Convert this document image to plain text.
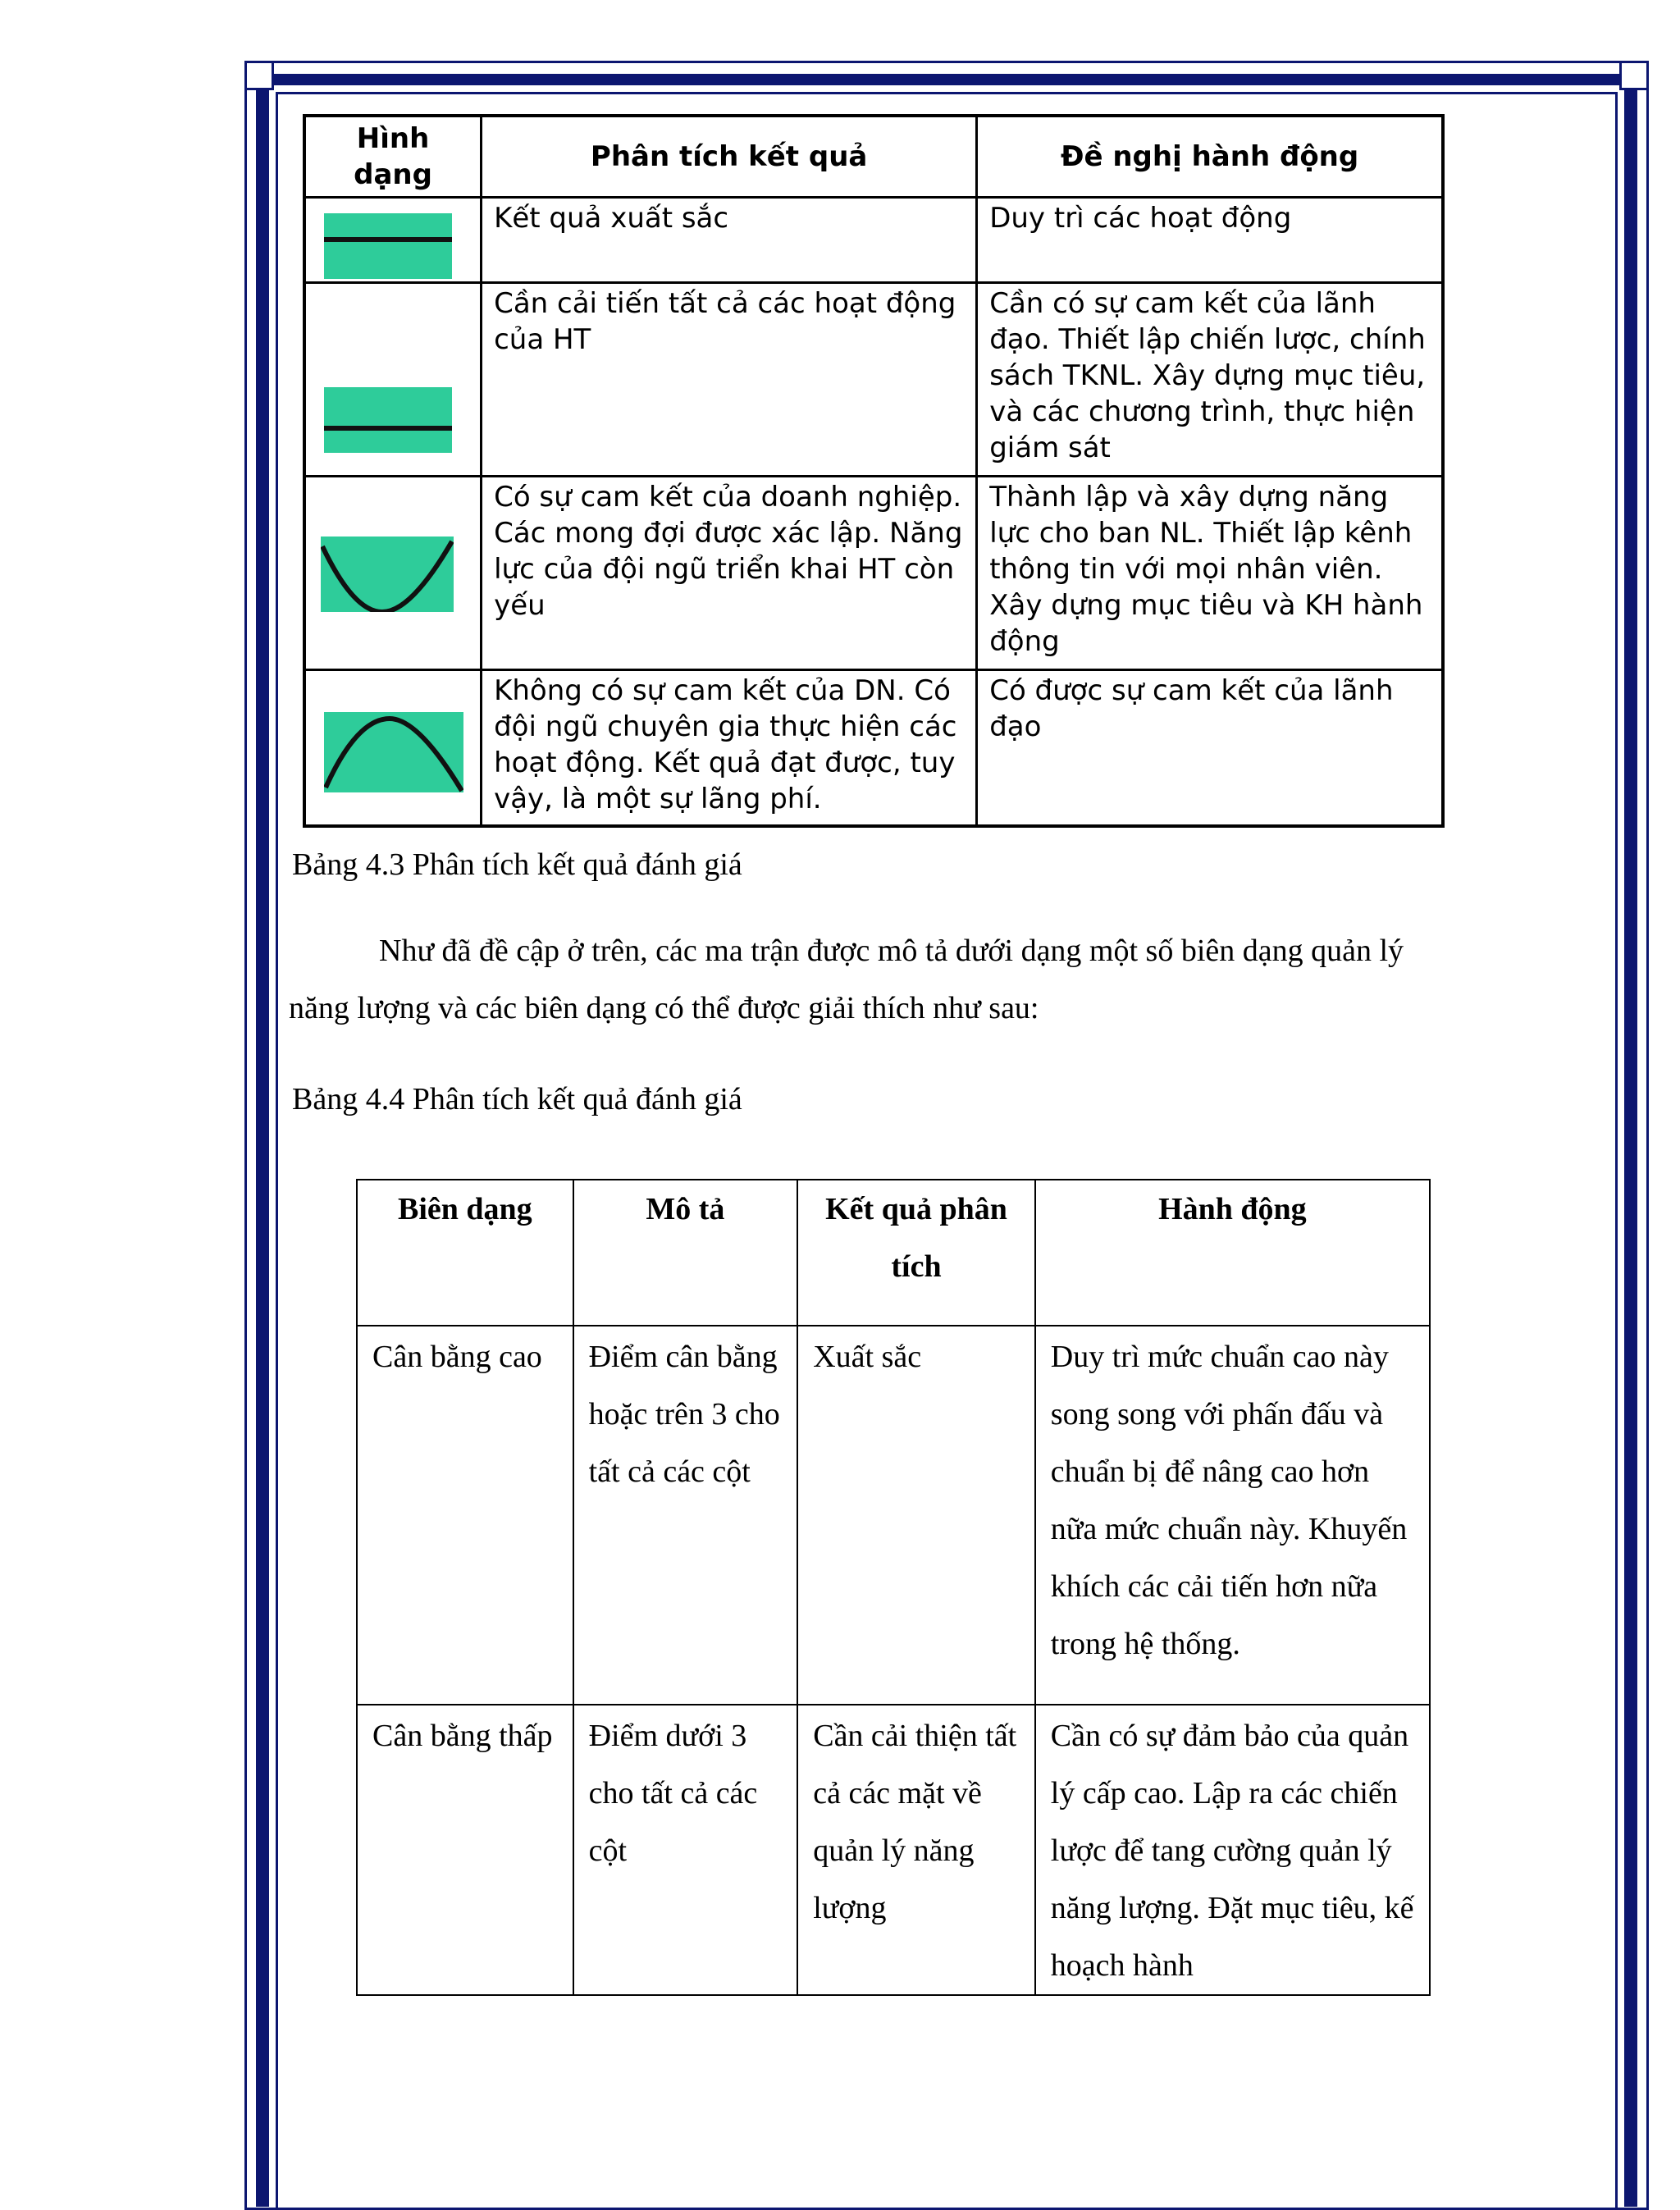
Hình dạng	Phân tích kết quả	Đề nghị hành động

	Kết quả xuất sắc	Duy trì các hoạt động

	Cần cải tiến tất cả các hoạt động của HT	Cần có sự cam kết của lãnh đạo. Thiết lập chiến lược, chính sách TKNL. Xây dựng mục tiêu, và các chương trình, thực hiện giám sát

	Có sự cam kết của doanh nghiệp. Các mong đợi được xác lập. Năng lực của đội ngũ triển khai HT còn yếu	Thành lập và xây dựng năng lực cho ban NL. Thiết lập kênh thông tin với mọi nhân viên. Xây dựng mục tiêu và KH hành động

	Không có sự cam kết của DN. Có đội ngũ chuyên gia thực hiện các hoạt động. Kết quả đạt được, tuy vậy, là một sự lãng phí.	Có được sự cam kết của lãnh đạo
Bảng 4.3 Phân tích kết quả đánh giá
Như đã đề cập ở trên, các ma trận được mô tả dưới dạng một số biên dạng quản lý
năng lượng và các biên dạng có thể được giải thích như sau:
Bảng 4.4 Phân tích kết quả đánh giá
Biên dạng	Mô tả	Kết quả phân tích	Hành động
Cân bằng cao	Điểm cân bằng hoặc trên 3 cho tất cả các cột	Xuất sắc	Duy trì mức chuẩn cao này song song với phấn đấu và chuẩn bị để nâng cao hơn nữa mức chuẩn này. Khuyến khích các cải tiến hơn nữa trong hệ thống.
Cân bằng thấp	Điểm dưới 3 cho tất cả các cột	Cần cải thiện tất cả các mặt về quản lý năng lượng	Cần có sự đảm bảo của quản lý cấp cao. Lập ra các chiến lược để tang cường quản lý năng lượng. Đặt mục tiêu, kế hoạch hành
